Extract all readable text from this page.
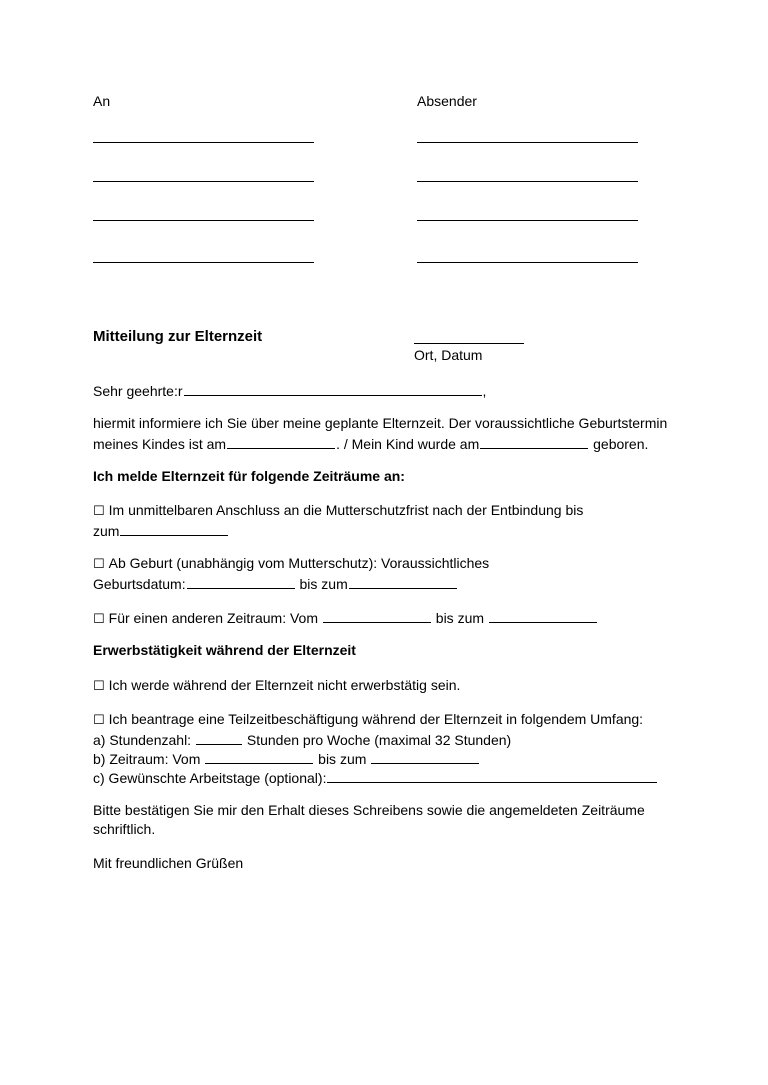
An	Absender
Mitteilung zur Elternzeit
Ort, Datum
Sehr geehrte:r	,
hiermit informiere ich Sie über meine geplante Elternzeit. Der voraussichtliche Geburtstermin
meines Kindes ist am	. / Mein Kind wurde am	geboren.
Ich melde Elternzeit für folgende Zeiträume an:
☐ Im unmittelbaren Anschluss an die Mutterschutzfrist nach der Entbindung bis
zum
☐ Ab Geburt (unabhängig vom Mutterschutz): Voraussichtliches
Geburtsdatum:	bis zum
☐ Für einen anderen Zeitraum: Vom	bis zum
Erwerbstätigkeit während der Elternzeit
☐ Ich werde während der Elternzeit nicht erwerbstätig sein.
☐ Ich beantrage eine Teilzeitbeschäftigung während der Elternzeit in folgendem Umfang:
a) Stundenzahl:	Stunden pro Woche (maximal 32 Stunden)
b) Zeitraum: Vom	bis zum
c) Gewünschte Arbeitstage (optional):
Bitte bestätigen Sie mir den Erhalt dieses Schreibens sowie die angemeldeten Zeiträume
schriftlich.
Mit freundlichen Grüßen
